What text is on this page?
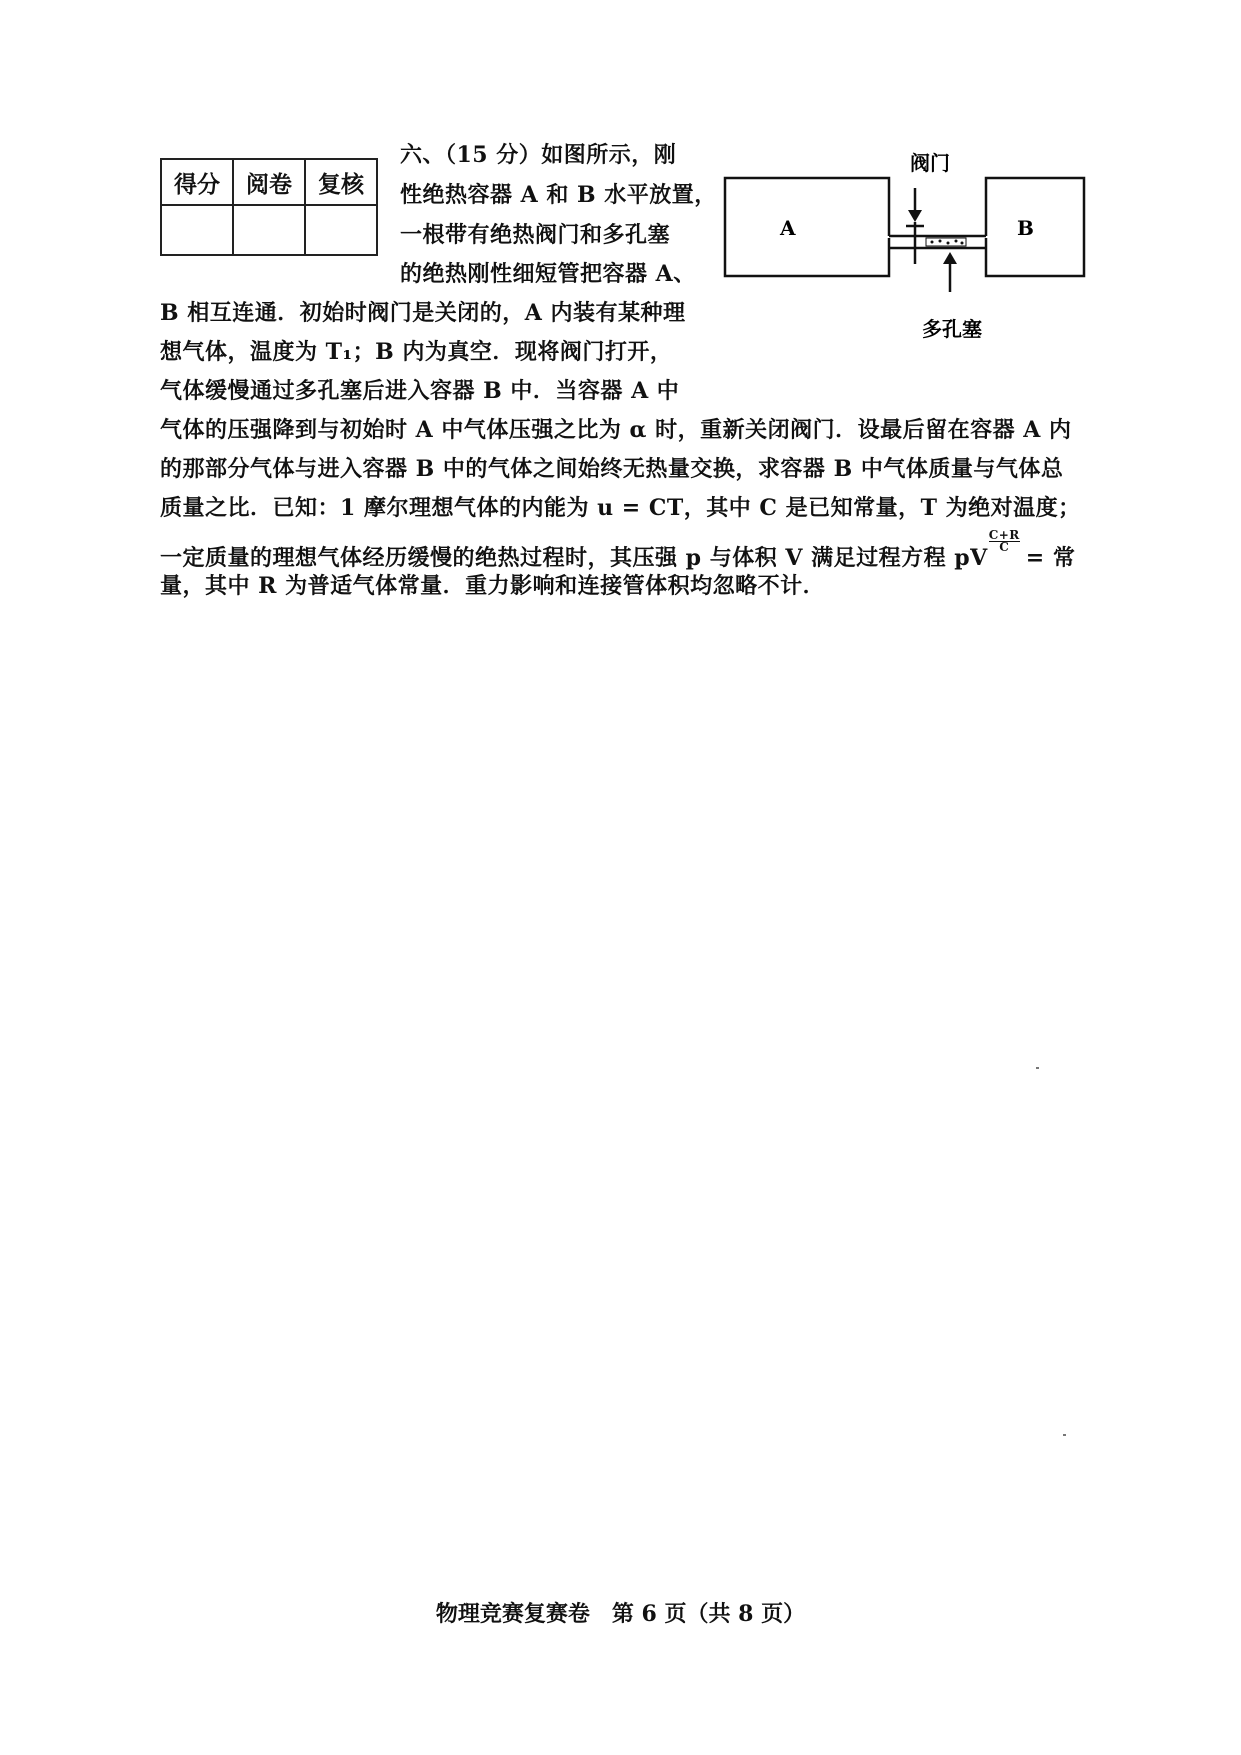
得分	阅卷	复核

六、（15 分）如图所示，刚
性绝热容器 A 和 B 水平放置，
一根带有绝热阀门和多孔塞
的绝热刚性细短管把容器 A、
B 相互连通．初始时阀门是关闭的，A 内装有某种理
想气体，温度为 T₁；B 内为真空．现将阀门打开，
气体缓慢通过多孔塞后进入容器 B 中．当容器 A 中
气体的压强降到与初始时 A 中气体压强之比为 α 时，重新关闭阀门．设最后留在容器 A 内
的那部分气体与进入容器 B 中的气体之间始终无热量交换，求容器 B 中气体质量与气体总
质量之比．已知：1 摩尔理想气体的内能为 u = CT，其中 C 是已知常量，T 为绝对温度；
一定质量的理想气体经历缓慢的绝热过程时，其压强 p 与体积 V 满足过程方程 pV
$\frac{C+R}{C}$
= 常
量，其中 R 为普适气体常量．重力影响和连接管体积均忽略不计．
A	B
阀门
多孔塞
物理竞赛复赛卷　第 6 页（共 8 页）
